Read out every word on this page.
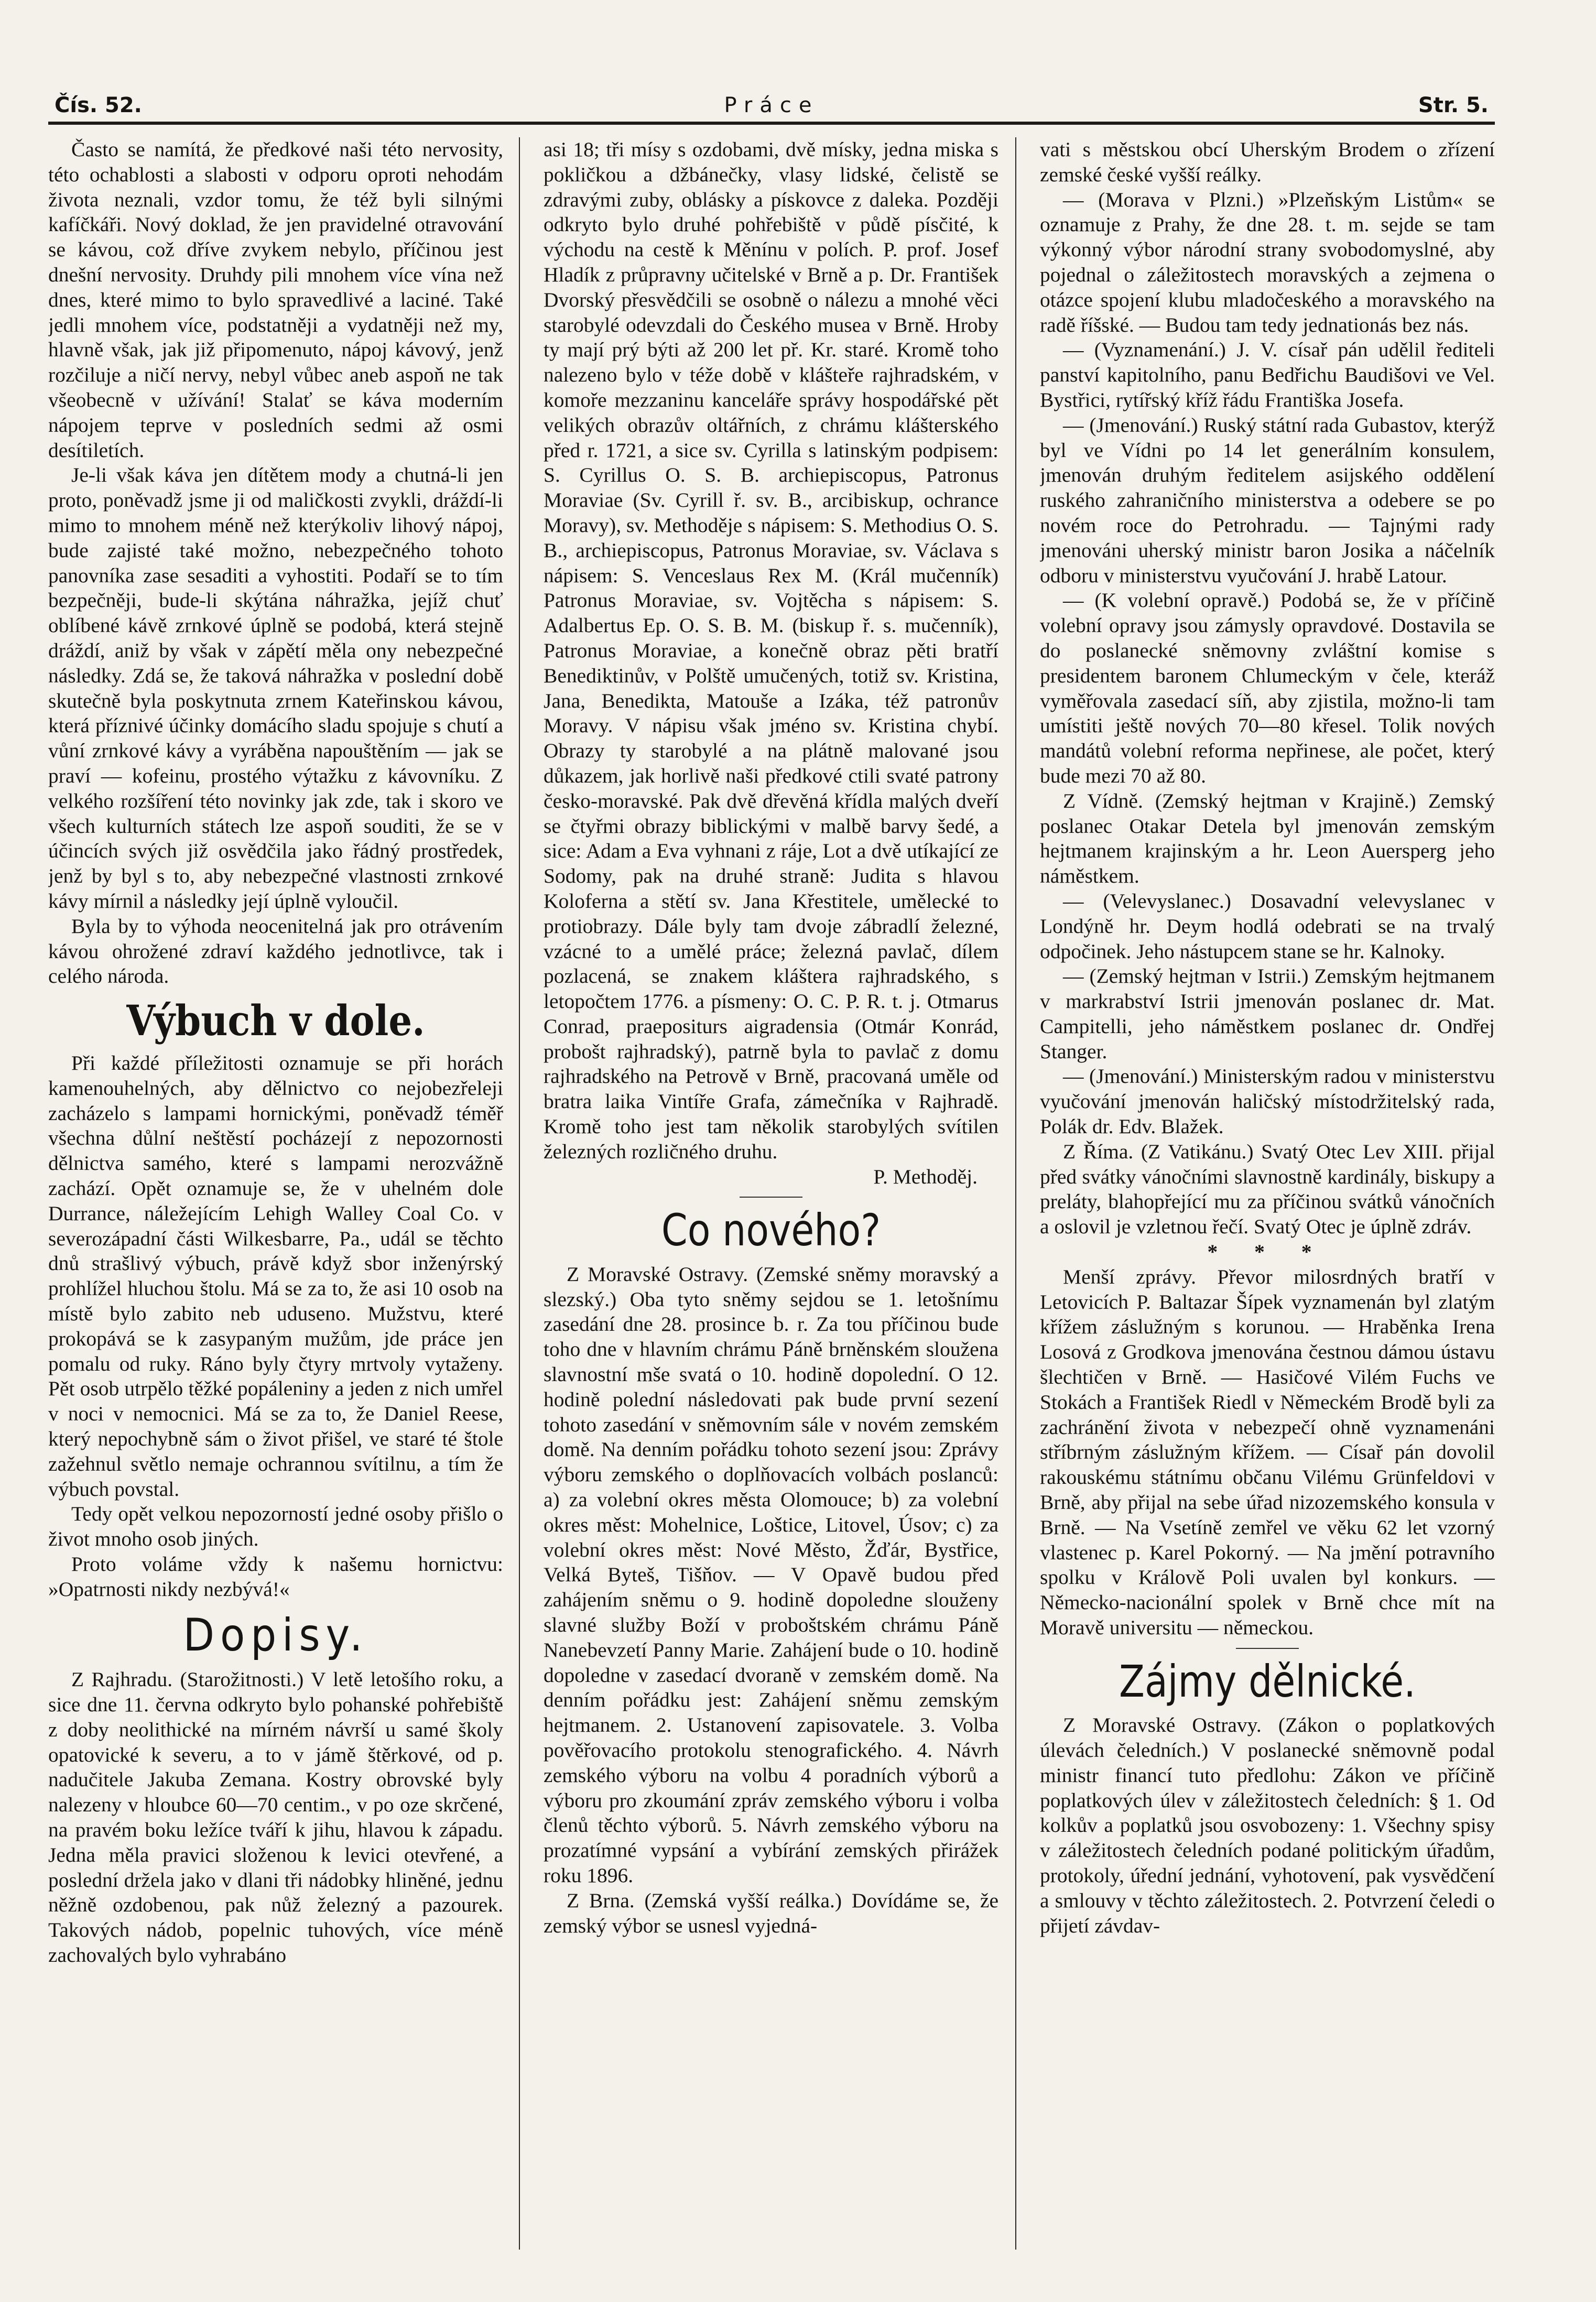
Práce
Čís. 52.	Str. 5.

Často se namítá, že předkové naši této nervosity, této ochablosti a slabosti v odporu oproti nehodám života neznali, vzdor tomu, že též byli silnými kafíčkáři. Nový doklad, že jen pravidelné otravování se kávou, což dříve zvykem nebylo, příčinou jest dnešní nervosity. Druhdy pili mnohem více vína než dnes, které mimo to bylo spravedlivé a laciné. Také jedli mnohem více, podstatněji a vydatněji než my, hlavně však, jak již připomenuto, nápoj kávový, jenž rozčiluje a ničí nervy, nebyl vůbec aneb aspoň ne tak všeobecně v užívání! Stalať se káva moderním nápojem teprve v posledních sedmi až osmi desítiletích.

Je-li však káva jen dítětem mody a chutná-li jen proto, poněvadž jsme ji od maličkosti zvykli, dráždí-li mimo to mnohem méně než kterýkoliv lihový nápoj, bude zajisté také možno, nebezpečného tohoto panovníka zase sesaditi a vyhostiti. Podaří se to tím bezpečněji, bude-li skýtána náhražka, jejíž chuť oblíbené kávě zrnkové úplně se podobá, která stejně dráždí, aniž by však v zápětí měla ony nebezpečné následky. Zdá se, že taková náhražka v poslední době skutečně byla poskytnuta zrnem Kateřinskou kávou, která příznivé účinky domácího sladu spojuje s chutí a vůní zrnkové kávy a vyráběna napouštěním — jak se praví — kofeinu, prostého výtažku z kávovníku. Z velkého rozšíření této novinky jak zde, tak i skoro ve všech kulturních státech lze aspoň souditi, že se v účincích svých již osvědčila jako řádný prostředek, jenž by byl s to, aby nebezpečné vlastnosti zrnkové kávy mírnil a následky její úplně vyloučil.

Byla by to výhoda neocenitelná jak pro otrávením kávou ohrožené zdraví každého jednotlivce, tak i celého národa.

Výbuch v dole.

Při každé příležitosti oznamuje se při horách kamenouhelných, aby dělnictvo co nejobezřeleji zacházelo s lampami hornickými, poněvadž téměř všechna důlní neštěstí pocházejí z nepozornosti dělnictva samého, které s lampami nerozvážně zachází. Opět oznamuje se, že v uhelném dole Durrance, náležejícím Lehigh Walley Coal Co. v severozápadní části Wilkesbarre, Pa., udál se těchto dnů strašlivý výbuch, právě když sbor inženýrský prohlížel hluchou štolu. Má se za to, že asi 10 osob na místě bylo zabito neb uduseno. Mužstvu, které prokopává se k zasypaným mužům, jde práce jen pomalu od ruky. Ráno byly čtyry mrtvoly vytaženy. Pět osob utrpělo těžké popáleniny a jeden z nich umřel v noci v nemocnici. Má se za to, že Daniel Reese, který nepochybně sám o život přišel, ve staré té štole zažehnul světlo nemaje ochrannou svítilnu, a tím že výbuch povstal.

Tedy opět velkou nepozorností jedné osoby přišlo o život mnoho osob jiných.

Proto voláme vždy k našemu hornictvu: »Opatrnosti nikdy nezbývá!«

Dopisy.

Z Rajhradu. (Starožitnosti.) V letě letošího roku, a sice dne 11. června odkryto bylo pohanské pohřebiště z doby neolithické na mírném návrší u samé školy opatovické k severu, a to v jámě štěrkové, od p. nadučitele Jakuba Zemana. Kostry obrovské byly nalezeny v hloubce 60—70 centim., v po oze skrčené, na pravém boku ležíce tváří k jihu, hlavou k západu. Jedna měla pravici složenou k levici otevřené, a poslední držela jako v dlani tři nádobky hliněné, jednu něžně ozdobenou, pak nůž železný a pazourek. Takových nádob, popelnic tuhových, více méně zachovalých bylo vyhrabáno

asi 18; tři mísy s ozdobami, dvě mísky, jedna miska s pokličkou a džbánečky, vlasy lidské, čelistě se zdravými zuby, oblásky a pískovce z daleka. Později odkryto bylo druhé pohřebiště v půdě písčité, k východu na cestě k Měnínu v polích. P. prof. Josef Hladík z průpravny učitelské v Brně a p. Dr. František Dvorský přesvědčili se osobně o nálezu a mnohé věci starobylé odevzdali do Českého musea v Brně. Hroby ty mají prý býti až 200 let př. Kr. staré. Kromě toho nalezeno bylo v téže době v klášteře rajhradském, v komoře mezzaninu kanceláře správy hospodářské pět velikých obrazův oltářních, z chrámu klášterského před r. 1721, a sice sv. Cyrilla s latinským podpisem: S. Cyrillus O. S. B. archiepiscopus, Patronus Moraviae (Sv. Cyrill ř. sv. B., arcibiskup, ochrance Moravy), sv. Methoděje s nápisem: S. Methodius O. S. B., archiepiscopus, Patronus Moraviae, sv. Václava s nápisem: S. Venceslaus Rex M. (Král mučenník) Patronus Moraviae, sv. Vojtěcha s nápisem: S. Adalbertus Ep. O. S. B. M. (biskup ř. s. mučenník), Patronus Moraviae, a konečně obraz pěti bratří Benediktinův, v Polště umučených, totiž sv. Kristina, Jana, Benedikta, Matouše a Izáka, též patronův Moravy. V nápisu však jméno sv. Kristina chybí. Obrazy ty starobylé a na plátně malované jsou důkazem, jak horlivě naši předkové ctili svaté patrony česko-moravské. Pak dvě dřevěná křídla malých dveří se čtyřmi obrazy biblickými v malbě barvy šedé, a sice: Adam a Eva vyhnani z ráje, Lot a dvě utíkající ze Sodomy, pak na druhé straně: Judita s hlavou Koloferna a stětí sv. Jana Křestitele, umělecké to protiobrazy. Dále byly tam dvoje zábradlí železné, vzácné to a umělé práce; železná pavlač, dílem pozlacená, se znakem kláštera rajhradského, s letopočtem 1776. a písmeny: O. C. P. R. t. j. Otmarus Conrad, praepositurs aigradensia (Otmár Konrád, probošt rajhradský), patrně byla to pavlač z domu rajhradského na Petrově v Brně, pracovaná uměle od bratra laika Vintíře Grafa, zámečníka v Rajhradě. Kromě toho jest tam několik starobylých svítilen železných rozličného druhu.

P. Methoděj.

Co nového?

Z Moravské Ostravy. (Zemské sněmy moravský a slezský.) Oba tyto sněmy sejdou se 1. letošnímu zasedání dne 28. prosince b. r. Za tou příčinou bude toho dne v hlavním chrámu Páně brněnském sloužena slavnostní mše svatá o 10. hodině dopolední. O 12. hodině polední následovati pak bude první sezení tohoto zasedání v sněmovním sále v novém zemském domě. Na denním pořádku tohoto sezení jsou: Zprávy výboru zemského o doplňovacích volbách poslanců: a) za volební okres města Olomouce; b) za volební okres měst: Mohelnice, Loštice, Litovel, Úsov; c) za volební okres měst: Nové Město, Žďár, Bystřice, Velká Byteš, Tišňov. — V Opavě budou před zahájením sněmu o 9. hodině dopoledne slouženy slavné služby Boží v proboštském chrámu Páně Nanebevzetí Panny Marie. Zahájení bude o 10. hodině dopoledne v zasedací dvoraně v zemském domě. Na denním pořádku jest: Zahájení sněmu zemským hejtmanem. 2. Ustanovení zapisovatele. 3. Volba pověřovacího protokolu stenografického. 4. Návrh zemského výboru na volbu 4 poradních výborů a výboru pro zkoumání zpráv zemského výboru i volba členů těchto výborů. 5. Návrh zemského výboru na prozatímné vypsání a vybírání zemských přirážek roku 1896.

Z Brna. (Zemská vyšší reálka.) Dovídáme se, že zemský výbor se usnesl vyjedná-

vati s městskou obcí Uherským Brodem o zřízení zemské české vyšší reálky.

— (Morava v Plzni.) »Plzeňským Listům« se oznamuje z Prahy, že dne 28. t. m. sejde se tam výkonný výbor národní strany svobodomyslné, aby pojednal o záležitostech moravských a zejmena o otázce spojení klubu mladočeského a moravského na radě říšské. — Budou tam tedy jednationás bez nás.

— (Vyznamenání.) J. V. císař pán udělil řediteli panství kapitolního, panu Bedřichu Baudišovi ve Vel. Bystřici, rytířský kříž řádu Františka Josefa.

— (Jmenování.) Ruský státní rada Gubastov, kterýž byl ve Vídni po 14 let generálním konsulem, jmenován druhým ředitelem asijského oddělení ruského zahraničního ministerstva a odebere se po novém roce do Petrohradu. — Tajnými rady jmenováni uherský ministr baron Josika a náčelník odboru v ministerstvu vyučování J. hrabě Latour.

— (K volební opravě.) Podobá se, že v příčině volební opravy jsou zámysly opravdové. Dostavila se do poslanecké sněmovny zvláštní komise s presidentem baronem Chlumeckým v čele, kteráž vyměřovala zasedací síň, aby zjistila, možno-li tam umístiti ještě nových 70—80 křesel. Tolik nových mandátů volební reforma nepřinese, ale počet, který bude mezi 70 až 80.

Z Vídně. (Zemský hejtman v Krajině.) Zemský poslanec Otakar Detela byl jmenován zemským hejtmanem krajinským a hr. Leon Auersperg jeho náměstkem.

— (Velevyslanec.) Dosavadní velevyslanec v Londýně hr. Deym hodlá odebrati se na trvalý odpočinek. Jeho nástupcem stane se hr. Kalnoky.

— (Zemský hejtman v Istrii.) Zemským hejtmanem v markrabství Istrii jmenován poslanec dr. Mat. Campitelli, jeho náměstkem poslanec dr. Ondřej Stanger.

— (Jmenování.) Ministerským radou v ministerstvu vyučování jmenován haličský místodržitelský rada, Polák dr. Edv. Blažek.

Z Říma. (Z Vatikánu.) Svatý Otec Lev XIII. přijal před svátky vánočními slavnostně kardinály, biskupy a preláty, blahopřející mu za příčinou svátků vánočních a oslovil je vzletnou řečí. Svatý Otec je úplně zdráv.

* * *

Menší zprávy. Převor milosrdných bratří v Letovicích P. Baltazar Šípek vyznamenán byl zlatým křížem záslužným s korunou. — Hraběnka Irena Losová z Grodkova jmenována čestnou dámou ústavu šlechtičen v Brně. — Hasičové Vilém Fuchs ve Stokách a František Riedl v Německém Brodě byli za zachránění života v nebezpečí ohně vyznamenáni stříbrným záslužným křížem. — Císař pán dovolil rakouskému státnímu občanu Vilému Grünfeldovi v Brně, aby přijal na sebe úřad nizozemského konsula v Brně. — Na Vsetíně zemřel ve věku 62 let vzorný vlastenec p. Karel Pokorný. — Na jmění potravního spolku v Králově Poli uvalen byl konkurs. — Německo-nacionální spolek v Brně chce mít na Moravě universitu — německou.

Zájmy dělnické.

Z Moravské Ostravy. (Zákon o poplatkových úlevách čeledních.) V poslanecké sněmovně podal ministr financí tuto předlohu: Zákon ve příčině poplatkových úlev v záležitostech čeledních: § 1. Od kolkův a poplatků jsou osvobozeny: 1. Všechny spisy v záležitostech čeledních podané politickým úřadům, protokoly, úřední jednání, vyhotovení, pak vysvědčení a smlouvy v těchto záležitostech. 2. Potvrzení čeledi o přijetí závdav-
